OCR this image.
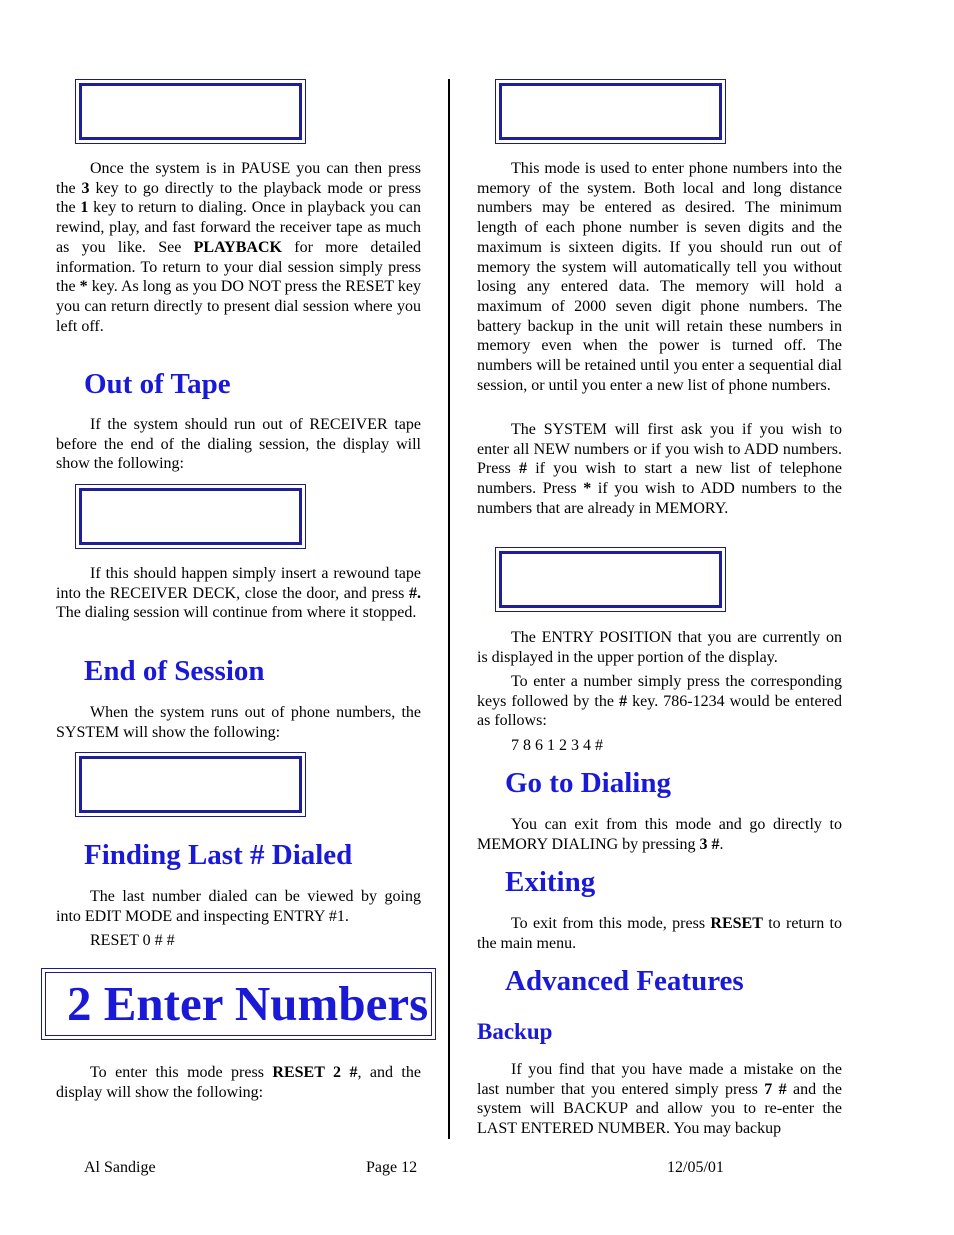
Once the system is in PAUSE you can then press the 3 key to go directly to the playback mode or press the 1 key to return to dialing. Once in playback you can rewind, play, and fast forward the receiver tape as much as you like. See PLAYBACK for more detailed information. To return to your dial session simply press the * key. As long as you DO NOT press the RESET key you can return directly to present dial session where you left off.

Out of Tape

If the system should run out of RECEIVER tape before the end of the dialing session, the display will show the following:

If this should happen simply insert a rewound tape into the RECEIVER DECK, close the door, and press #. The dialing session will continue from where it stopped.

End of Session

When the system runs out of phone numbers, the SYSTEM will show the following:

Finding Last # Dialed

The last number dialed can be viewed by going into EDIT MODE and inspecting ENTRY #1.

RESET 0 # #
2 Enter Numbers

To enter this mode press RESET 2 #, and the display will show the following:

This mode is used to enter phone numbers into the memory of the system. Both local and long distance numbers may be entered as desired. The minimum length of each phone number is seven digits and the maximum is sixteen digits. If you should run out of memory the system will automatically tell you without losing any entered data. The memory will hold a maximum of 2000 seven digit phone numbers. The battery backup in the unit will retain these numbers in memory even when the power is turned off. The numbers will be retained until you enter a sequential dial session, or until you enter a new list of phone numbers.

The SYSTEM will first ask you if you wish to enter all NEW numbers or if you wish to ADD numbers. Press # if you wish to start a new list of telephone numbers. Press * if you wish to ADD numbers to the numbers that are already in MEMORY.

The ENTRY POSITION that you are currently on is displayed in the upper portion of the display.

To enter a number simply press the corresponding keys followed by the # key. 786-1234 would be entered as follows:

7 8 6 1 2 3 4 #
Go to Dialing

You can exit from this mode and go directly to MEMORY DIALING by pressing 3 #.

Exiting

To exit from this mode, press RESET to return to the main menu.

Advanced Features
Backup

If you find that you have made a mistake on the last number that you entered simply press 7 # and the system will BACKUP and allow you to re-enter the LAST ENTERED NUMBER. You may backup

Al Sandige	Page 12	12/05/01
